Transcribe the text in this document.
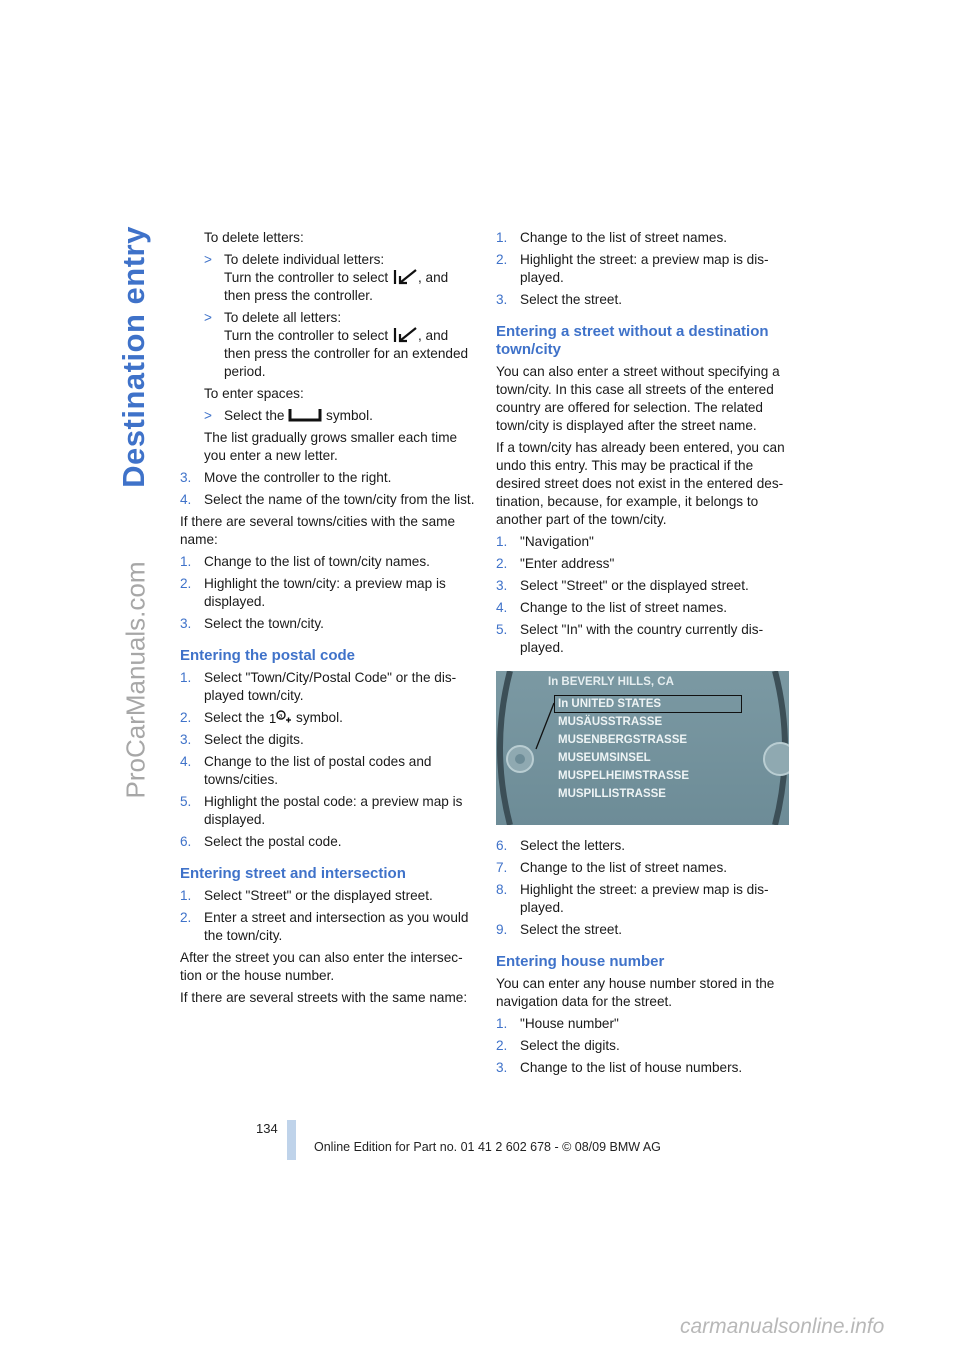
Destination entry
ProCarManuals.com

To delete letters:

> To delete individual letters:
Turn the controller to select , and
then press the controller.
> To delete all letters:
Turn the controller to select , and
then press the controller for an extended period.

To enter spaces:

> Select the	symbol.

The list gradually grows smaller each time you enter a new letter.

3. Move the controller to the right.
4. Select the name of the town/city from the list.

If there are several towns/cities with the same name:

1. Change to the list of town/city names.
2. Highlight the town/city: a preview map is displayed.
3. Select the town/city.
Entering the postal code
1. Select "Town/City/Postal Code" or the dis-played town/city.
2. Select the 1 a symbol.
3. Select the digits.
4. Change to the list of postal codes and towns/cities.
5. Highlight the postal code: a preview map is displayed.
6. Select the postal code.
Entering street and intersection
1. Select "Street" or the displayed street.
2. Enter a street and intersection as you would the town/city.

After the street you can also enter the intersec-tion or the house number.

If there are several streets with the same name:

1. Change to the list of street names.
2. Highlight the street: a preview map is dis-played.
3. Select the street.
Entering a street without a destination town/city

You can also enter a street without specifying a town/city. In this case all streets of the entered country are offered for selection. The related town/city is displayed after the street name.

If a town/city has already been entered, you can undo this entry. This may be practical if the desired street does not exist in the entered des-tination, because, for example, it belongs to another part of the town/city.

1. "Navigation"
2. "Enter address"
3. Select "Street" or the displayed street.
4. Change to the list of street names.
5. Select "In" with the country currently dis-played.
In BEVERLY HILLS, CA
In UNITED STATES
MUSÄUSSTRASSE
MUSENBERGSTRASSE
MUSEUMSINSEL
MUSPELHEIMSTRASSE
MUSPILLISTRASSE
6. Select the letters.
7. Change to the list of street names.
8. Highlight the street: a preview map is dis-played.
9. Select the street.
Entering house number

You can enter any house number stored in the navigation data for the street.

1. "House number"
2. Select the digits.
3. Change to the list of house numbers.
134
Online Edition for Part no. 01 41 2 602 678 - © 08/09 BMW AG
carmanualsonline.info
